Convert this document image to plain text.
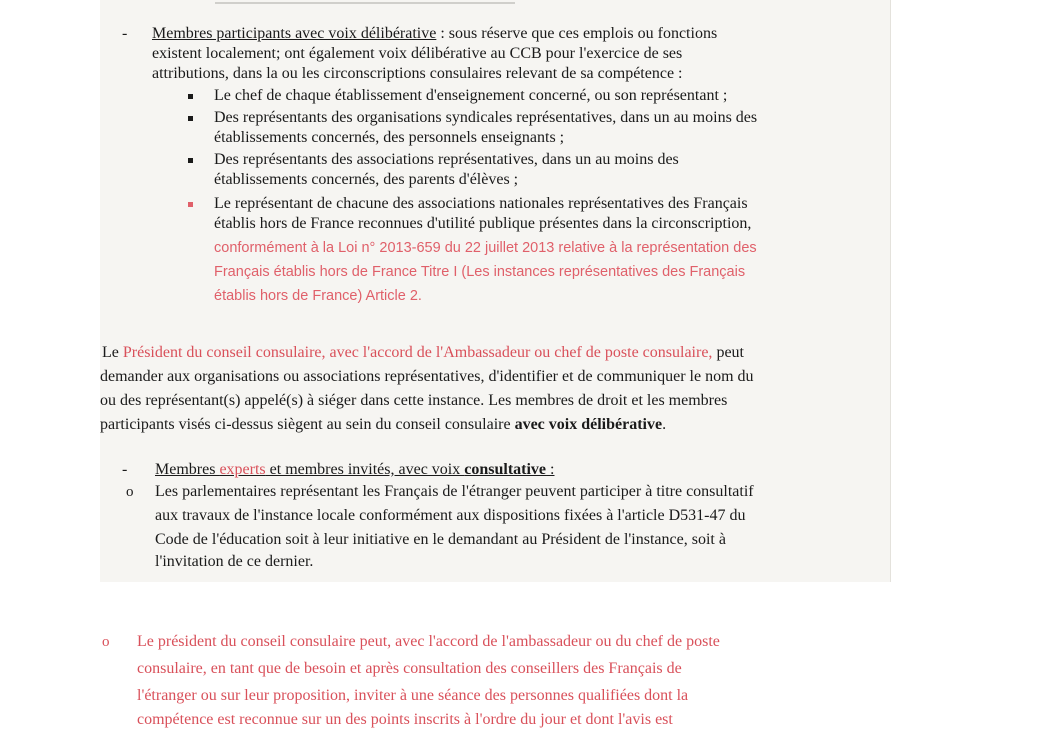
- Membres participants avec voix délibérative : sous réserve que ces emplois ou fonctions
existent localement; ont également voix délibérative au CCB pour l'exercice de ses
attributions, dans la ou les circonscriptions consulaires relevant de sa compétence :
Le chef de chaque établissement d'enseignement concerné, ou son représentant ;
Des représentants des organisations syndicales représentatives, dans un au moins des
établissements concernés, des personnels enseignants ;
Des représentants des associations représentatives, dans un au moins des
établissements concernés, des parents d'élèves ;
Le représentant de chacune des associations nationales représentatives des Français
établis hors de France reconnues d'utilité publique présentes dans la circonscription,
conformément à la Loi n° 2013-659 du 22 juillet 2013 relative à la représentation des
Français établis hors de France Titre I (Les instances représentatives des Français
établis hors de France) Article 2.
Le Président du conseil consulaire, avec l'accord de l'Ambassadeur ou chef de poste consulaire, peut
demander aux organisations ou associations représentatives, d'identifier et de communiquer le nom du
ou des représentant(s) appelé(s) à siéger dans cette instance. Les membres de droit et les membres
participants visés ci-dessus siègent au sein du conseil consulaire avec voix délibérative.
- Membres experts et membres invités, avec voix consultative :
o Les parlementaires représentant les Français de l'étranger peuvent participer à titre consultatif
aux travaux de l'instance locale conformément aux dispositions fixées à l'article D531-47 du
Code de l'éducation soit à leur initiative en le demandant au Président de l'instance, soit à
l'invitation de ce dernier.
o Le président du conseil consulaire peut, avec l'accord de l'ambassadeur ou du chef de poste
consulaire, en tant que de besoin et après consultation des conseillers des Français de
l'étranger ou sur leur proposition, inviter à une séance des personnes qualifiées dont la
compétence est reconnue sur un des points inscrits à l'ordre du jour et dont l'avis est
